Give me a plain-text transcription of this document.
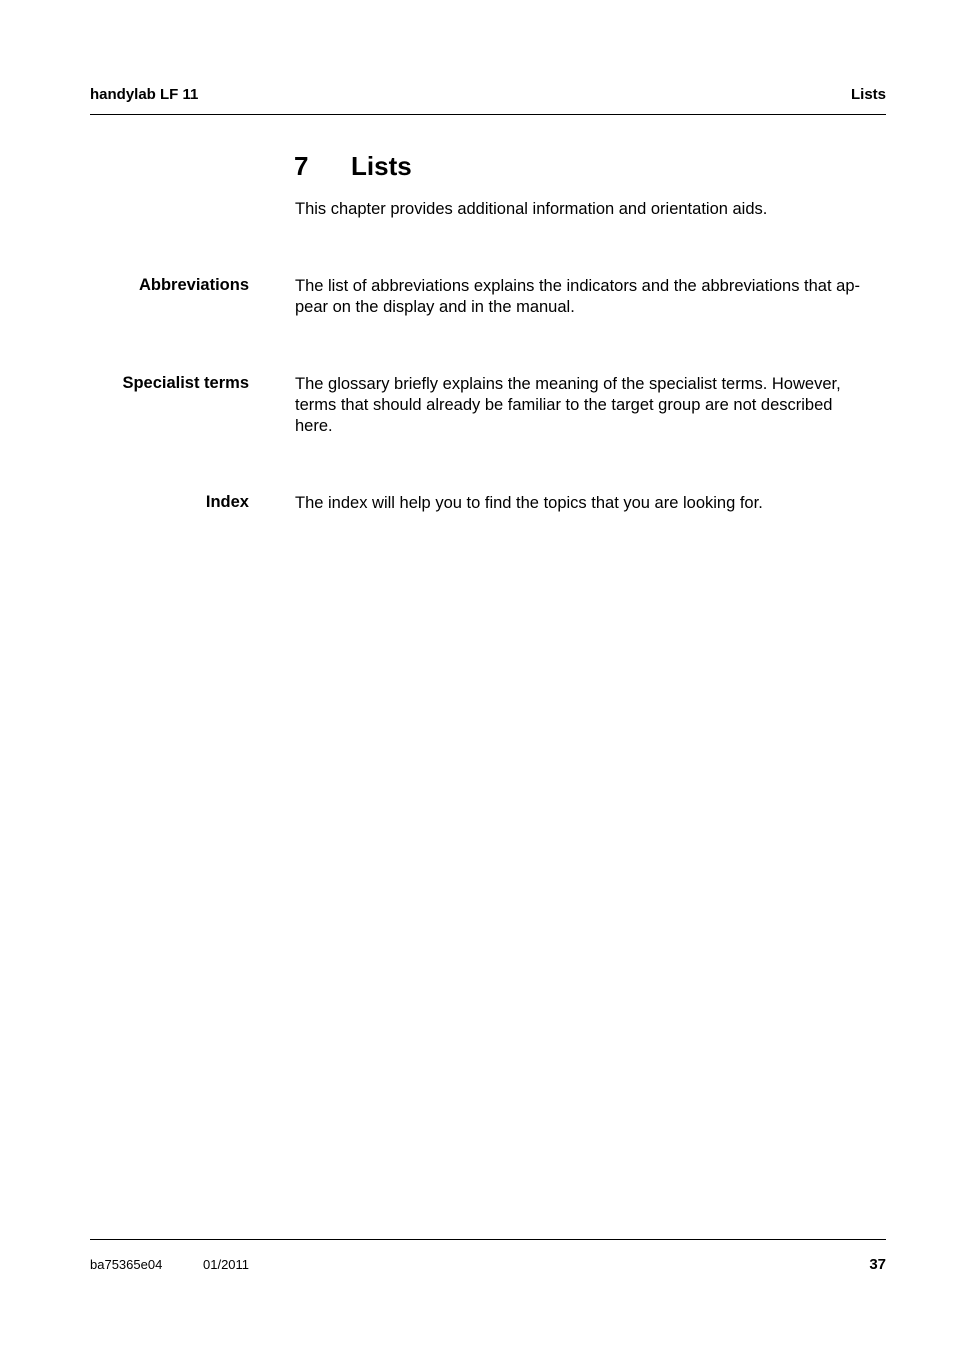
handylab LF 11	Lists
7 Lists
This chapter provides additional information and orientation aids.
Abbreviations	The list of abbreviations explains the indicators and the abbreviations that ap-
pear on the display and in the manual.
Specialist terms	The glossary briefly explains the meaning of the specialist terms. However,
terms that should already be familiar to the target group are not described
here.
Index	The index will help you to find the topics that you are looking for.
ba75365e04	01/2011	37
